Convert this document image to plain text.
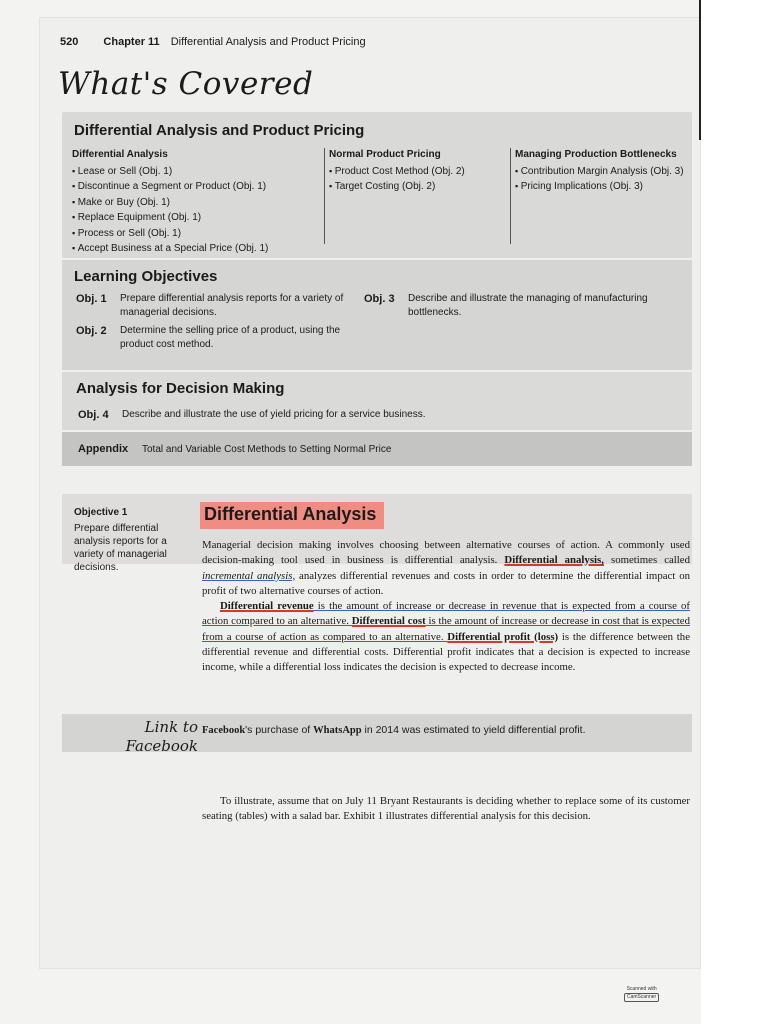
520 Chapter 11 Differential Analysis and Product Pricing
What's Covered
Differential Analysis and Product Pricing
Differential Analysis
▪ Lease or Sell (Obj. 1)
▪ Discontinue a Segment or Product (Obj. 1)
▪ Make or Buy (Obj. 1)
▪ Replace Equipment (Obj. 1)
▪ Process or Sell (Obj. 1)
▪ Accept Business at a Special Price (Obj. 1)
Normal Product Pricing
▪ Product Cost Method (Obj. 2)
▪ Target Costing (Obj. 2)
Managing Production Bottlenecks
▪ Contribution Margin Analysis (Obj. 3)
▪ Pricing Implications (Obj. 3)
Learning Objectives
Obj. 1	Prepare differential analysis reports for a variety of managerial decisions.
Obj. 2	Determine the selling price of a product, using the product cost method.
Obj. 3	Describe and illustrate the managing of manufacturing bottlenecks.
Analysis for Decision Making
Obj. 4	Describe and illustrate the use of yield pricing for a service business.
Appendix Total and Variable Cost Methods to Setting Normal Price
Objective 1
Prepare differential analysis reports for a variety of managerial decisions.
Differential Analysis

Managerial decision making involves choosing between alternative courses of action. A commonly used decision-making tool used in business is differential analysis. Differential analysis, sometimes called incremental analysis, analyzes differential revenues and costs in order to determine the differential impact on profit of two alternative courses of action.

Differential revenue is the amount of increase or decrease in revenue that is expected from a course of action compared to an alternative. Differential cost is the amount of increase or decrease in cost that is expected from a course of action as compared to an alternative. Differential profit (loss) is the difference between the differential revenue and differential costs. Differential profit indicates that a decision is expected to increase income, while a differential loss indicates the decision is expected to decrease income.

Link to Facebook
Facebook's purchase of WhatsApp in 2014 was estimated to yield differential profit.
To illustrate, assume that on July 11 Bryant Restaurants is deciding whether to replace some of its customer seating (tables) with a salad bar. Exhibit 1 illustrates differential analysis for this decision.
Scanned with
CamScanner
